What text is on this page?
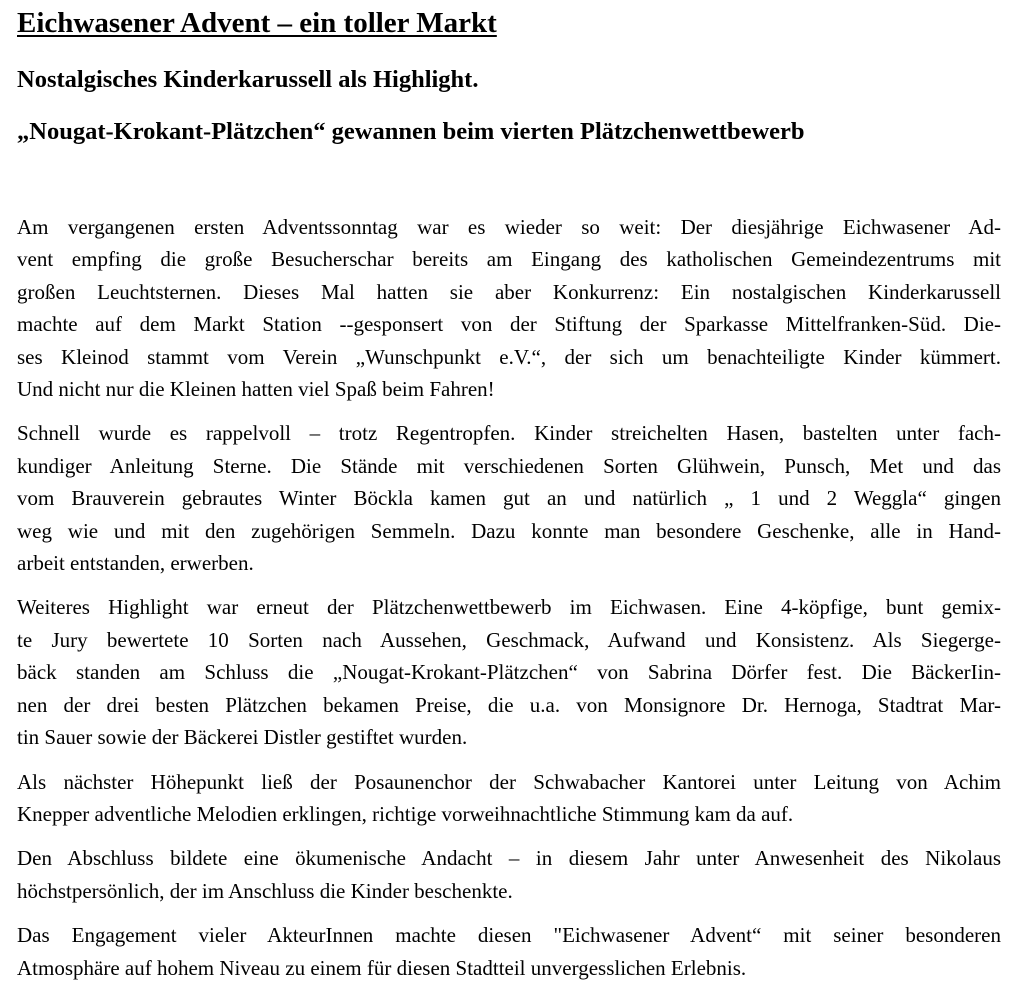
Eichwasener Advent – ein toller Markt
Nostalgisches Kinderkarussell als Highlight.
„Nougat-Krokant-Plätzchen“ gewannen beim vierten Plätzchenwettbewerb

Am vergangenen ersten Adventssonntag war es wieder so weit: Der diesjährige Eichwasener Ad-
vent empfing die große Besucherschar bereits am Eingang des katholischen Gemeindezentrums mit
großen Leuchtsternen. Dieses Mal hatten sie aber Konkurrenz: Ein nostalgischen Kinderkarussell
machte auf dem Markt Station --gesponsert von der Stiftung der Sparkasse Mittelfranken-Süd. Die-
ses Kleinod stammt vom Verein „Wunschpunkt e.V.“, der sich um benachteiligte Kinder kümmert.
Und nicht nur die Kleinen hatten viel Spaß beim Fahren!

Schnell wurde es rappelvoll – trotz Regentropfen. Kinder streichelten Hasen, bastelten unter fach-
kundiger Anleitung Sterne. Die Stände mit verschiedenen Sorten Glühwein, Punsch, Met und das
vom Brauverein gebrautes Winter Böckla kamen gut an und natürlich „ 1 und 2 Weggla“ gingen
weg wie und mit den zugehörigen Semmeln. Dazu konnte man besondere Geschenke, alle in Hand-
arbeit entstanden, erwerben.

Weiteres Highlight war erneut der Plätzchenwettbewerb im Eichwasen. Eine 4-köpfige, bunt gemix-
te Jury bewertete 10 Sorten nach Aussehen, Geschmack, Aufwand und Konsistenz. Als Siegerge-
bäck standen am Schluss die „Nougat-Krokant-Plätzchen“ von Sabrina Dörfer fest. Die BäckerIin-
nen der drei besten Plätzchen bekamen Preise, die u.a. von Monsignore Dr. Hernoga, Stadtrat Mar-
tin Sauer sowie der Bäckerei Distler gestiftet wurden.

Als nächster Höhepunkt ließ der Posaunenchor der Schwabacher Kantorei unter Leitung von Achim
Knepper adventliche Melodien erklingen, richtige vorweihnachtliche Stimmung kam da auf.

Den Abschluss bildete eine ökumenische Andacht – in diesem Jahr unter Anwesenheit des Nikolaus
höchstpersönlich, der im Anschluss die Kinder beschenkte.

Das Engagement vieler AkteurInnen machte diesen "Eichwasener Advent“ mit seiner besonderen
Atmosphäre auf hohem Niveau zu einem für diesen Stadtteil unvergesslichen Erlebnis.
